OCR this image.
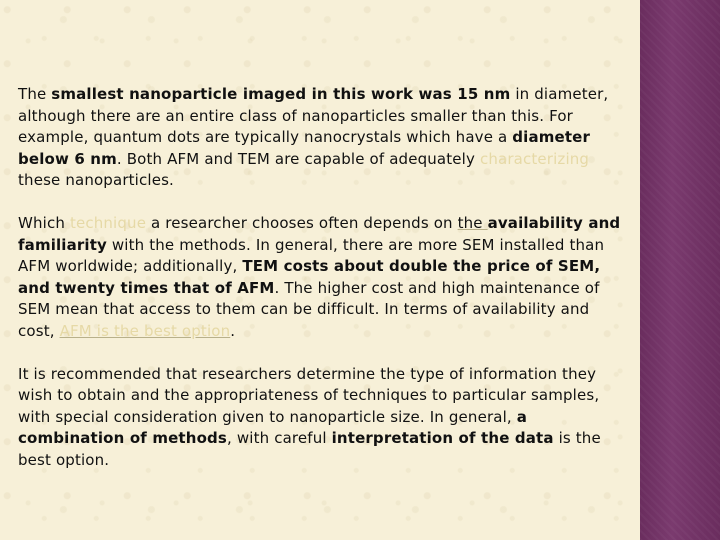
The smallest nanoparticle imaged in this work was 15 nm in diameter, although there are an entire class of nanoparticles smaller than this. For example, quantum dots are typically nanocrystals which have a diameter below 6 nm. Both AFM and TEM are capable of adequately characterizing these nanoparticles.

Which technique a researcher chooses often depends on the availability and familiarity with the methods. In general, there are more SEM installed than AFM worldwide; additionally, TEM costs about double the price of SEM, and twenty times that of AFM. The higher cost and high maintenance of SEM mean that access to them can be difficult. In terms of availability and cost, AFM is the best option.

It is recommended that researchers determine the type of information they wish to obtain and the appropriateness of techniques to particular samples, with special consideration given to nanoparticle size. In general, a combination of methods, with careful interpretation of the data is the best option.
